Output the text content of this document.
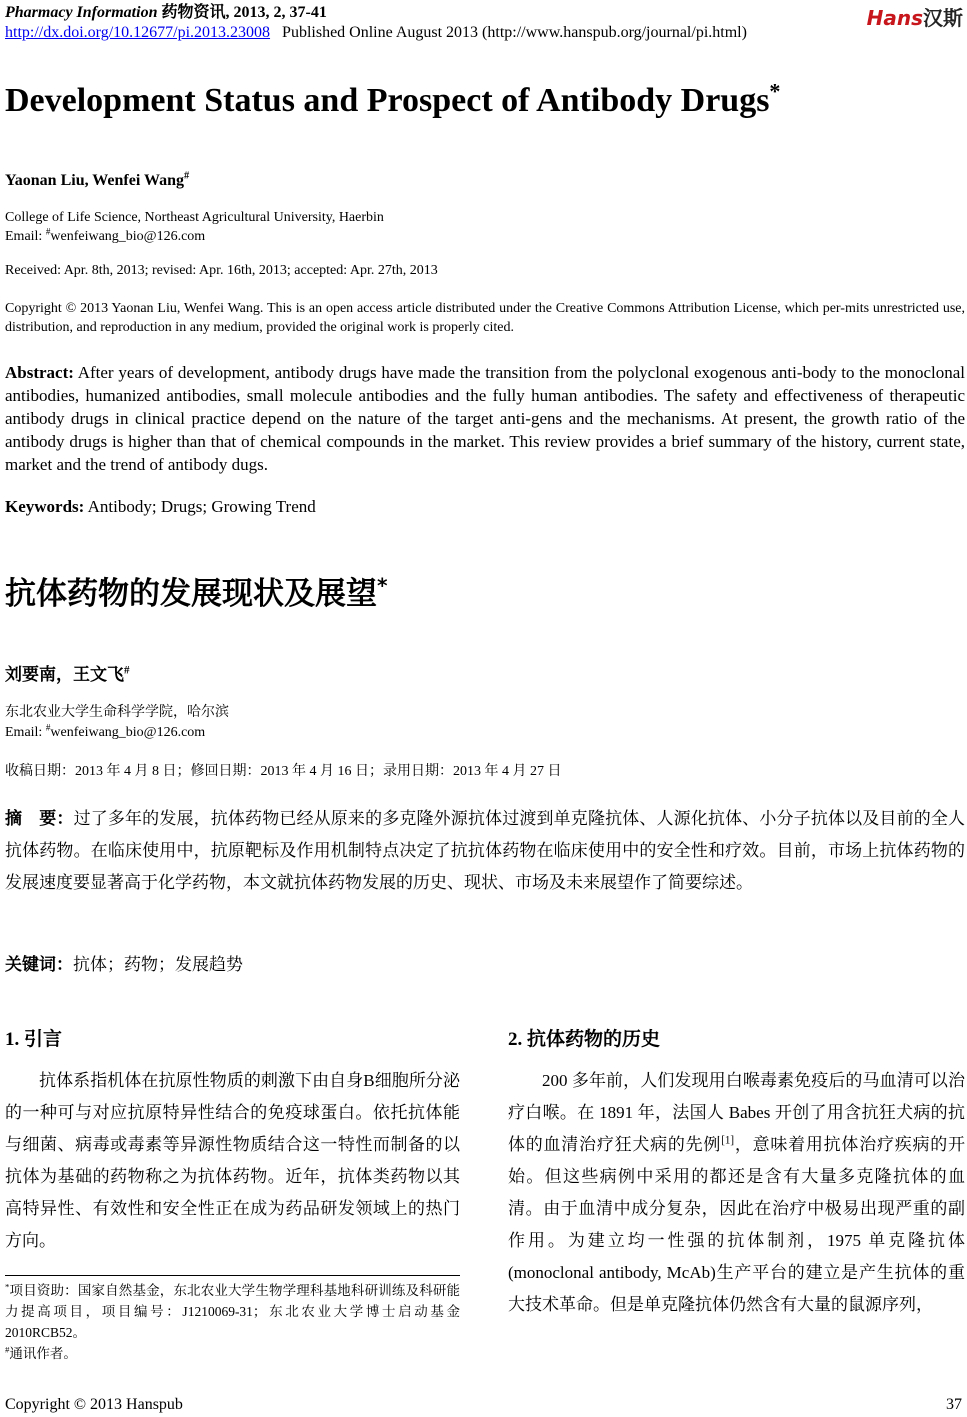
Pharmacy Information 药物资讯, 2013, 2, 37-41
http://dx.doi.org/10.12677/pi.2013.23008 Published Online August 2013 (http://www.hanspub.org/journal/pi.html)
Hans汉斯
Development Status and Prospect of Antibody Drugs*
Yaonan Liu, Wenfei Wang#
College of Life Science, Northeast Agricultural University, Haerbin
Email: #wenfeiwang_bio@126.com
Received: Apr. 8th, 2013; revised: Apr. 16th, 2013; accepted: Apr. 27th, 2013
Copyright © 2013 Yaonan Liu, Wenfei Wang. This is an open access article distributed under the Creative Commons Attribution License, which per-mits unrestricted use, distribution, and reproduction in any medium, provided the original work is properly cited.
Abstract: After years of development, antibody drugs have made the transition from the polyclonal exogenous anti-body to the monoclonal antibodies, humanized antibodies, small molecule antibodies and the fully human antibodies. The safety and effectiveness of therapeutic antibody drugs in clinical practice depend on the nature of the target anti-gens and the mechanisms. At present, the growth ratio of the antibody drugs is higher than that of chemical compounds in the market. This review provides a brief summary of the history, current state, market and the trend of antibody dugs.
Keywords: Antibody; Drugs; Growing Trend
抗体药物的发展现状及展望*
刘要南，王文飞#
东北农业大学生命科学学院，哈尔滨
Email: #wenfeiwang_bio@126.com
收稿日期：2013 年 4 月 8 日；修回日期：2013 年 4 月 16 日；录用日期：2013 年 4 月 27 日
摘　要：过了多年的发展，抗体药物已经从原来的多克隆外源抗体过渡到单克隆抗体、人源化抗体、小分子抗体以及目前的全人抗体药物。在临床使用中，抗原靶标及作用机制特点决定了抗抗体药物在临床使用中的安全性和疗效。目前，市场上抗体药物的发展速度要显著高于化学药物，本文就抗体药物发展的历史、现状、市场及未来展望作了简要综述。
关键词：抗体；药物；发展趋势
1. 引言

抗体系指机体在抗原性物质的刺激下由自身B细胞所分泌的一种可与对应抗原特异性结合的免疫球蛋白。依托抗体能与细菌、病毒或毒素等异源性物质结合这一特性而制备的以抗体为基础的药物称之为抗体药物。近年，抗体类药物以其高特异性、有效性和安全性正在成为药品研发领域上的热门方向。

*项目资助：国家自然基金，东北农业大学生物学理科基地科研训练及科研能力提高项目，项目编号：J1210069-31；东北农业大学博士启动基金 2010RCB52。
#通讯作者。
2. 抗体药物的历史

200 多年前，人们发现用白喉毒素免疫后的马血清可以治疗白喉。在 1891 年，法国人 Babes 开创了用含抗狂犬病的抗体的血清治疗狂犬病的先例[1]，意味着用抗体治疗疾病的开始。但这些病例中采用的都还是含有大量多克隆抗体的血清。由于血清中成分复杂，因此在治疗中极易出现严重的副作用。为建立均一性强的抗体制剂，1975 单克隆抗体(monoclonal antibody, McAb)生产平台的建立是产生抗体的重大技术革命。但是单克隆抗体仍然含有大量的鼠源序列，

Copyright © 2013 Hanspub	37
